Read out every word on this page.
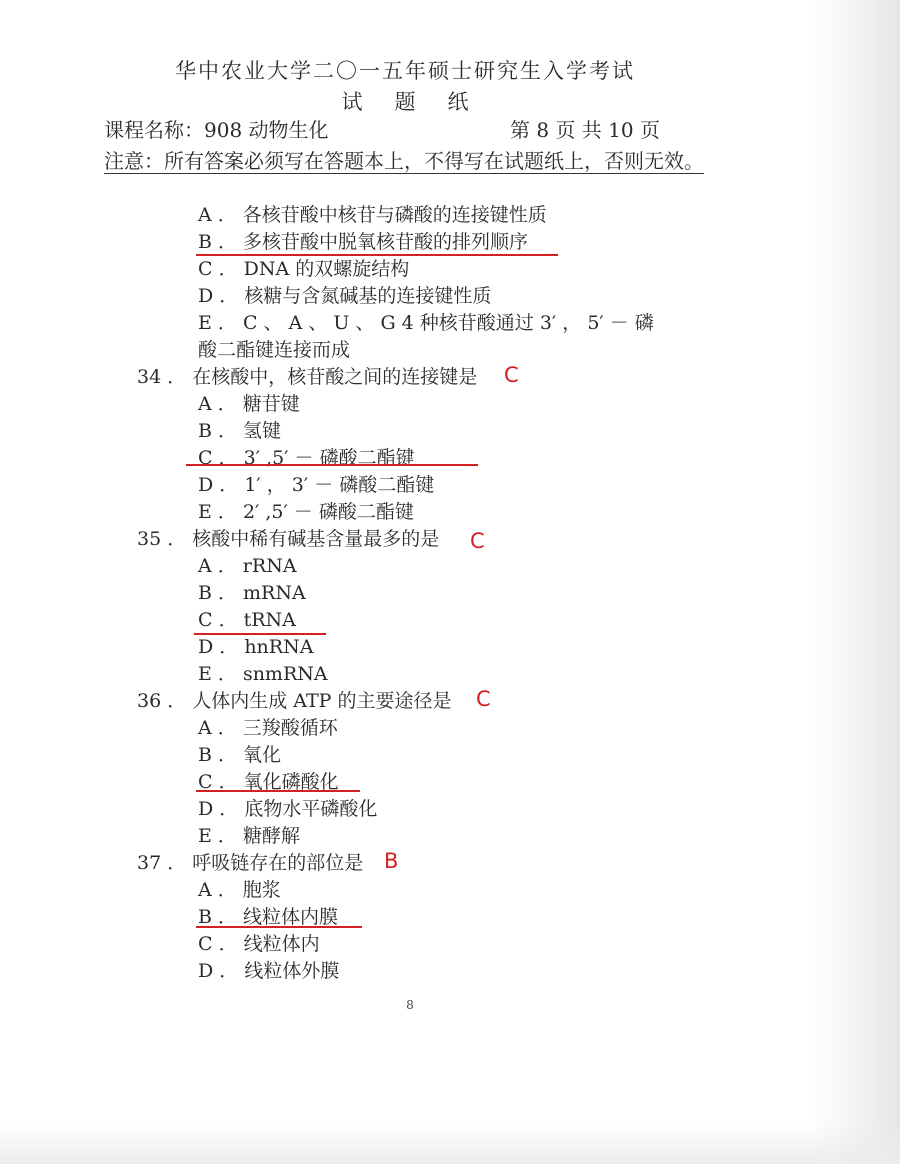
华中农业大学二〇一五年硕士研究生入学考试
试 题 纸
课程名称：908 动物生化	第 8 页 共 10 页
注意：所有答案必须写在答题本上，不得写在试题纸上，否则无效。
A ． 各核苷酸中核苷与磷酸的连接键性质
B ． 多核苷酸中脱氧核苷酸的排列顺序
C ． DNA 的双螺旋结构
D ． 核糖与含氮碱基的连接键性质
E ． C 、 A 、 U 、 G 4 种核苷酸通过 3′ ， 5′ － 磷
酸二酯键连接而成
34 ． 在核酸中，核苷酸之间的连接键是 C
A ． 糖苷键
B ． 氢键
C ． 3′ ,5′ － 磷酸二酯键
D ． 1′ ， 3′ － 磷酸二酯键
E ． 2′ ,5′ － 磷酸二酯键
35 ． 核酸中稀有碱基含量最多的是 C
A ． rRNA
B ． mRNA
C ． tRNA
D ． hnRNA
E ． snmRNA
36 ． 人体内生成 ATP 的主要途径是 C
A ． 三羧酸循环
B ． 氧化
C ． 氧化磷酸化
D ． 底物水平磷酸化
E ． 糖酵解
37 ． 呼吸链存在的部位是 B
A ． 胞浆
B ． 线粒体内膜
C ． 线粒体内
D ． 线粒体外膜
8
